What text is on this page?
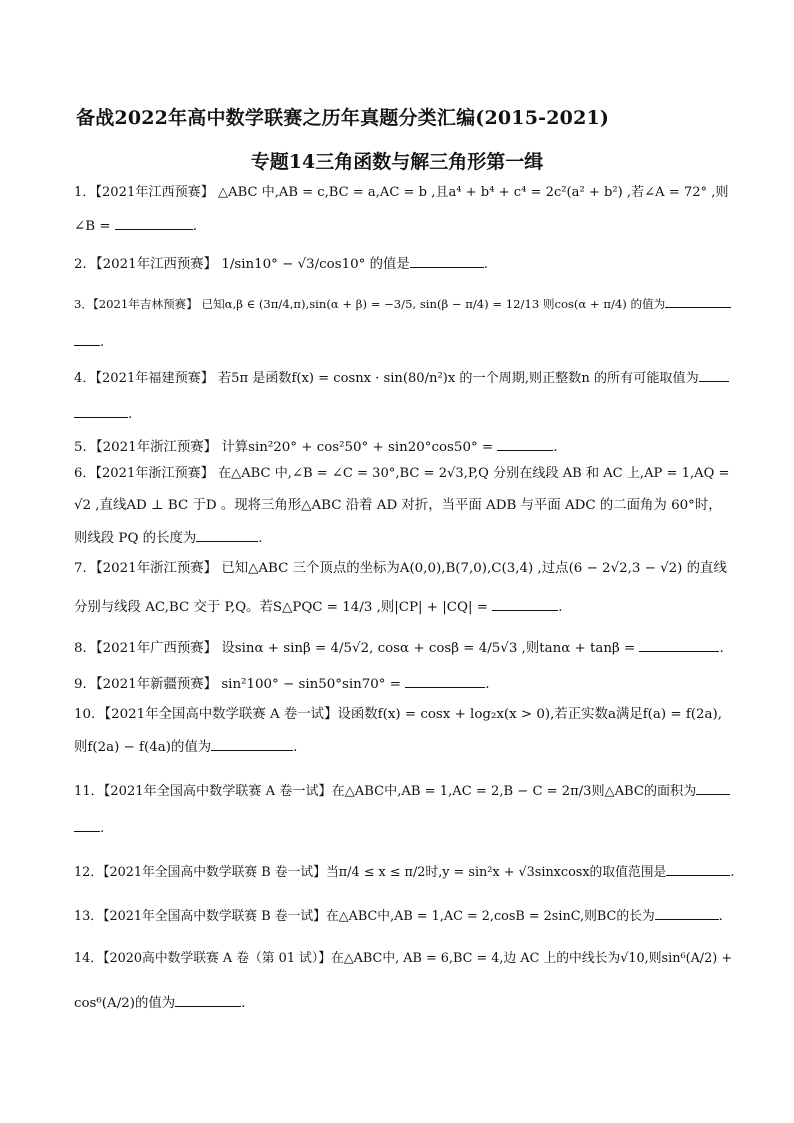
备战2022年高中数学联赛之历年真题分类汇编(2015-2021)
专题14三角函数与解三角形第一缉
1．【2021年江西预赛】 △ABC 中,AB = c,BC = a,AC = b ,且a⁴ + b⁴ + c⁴ = 2c²(a² + b²) ,若∠A = 72° ,则
∠B =	.
2．【2021年江西预赛】 1/sin10° − √3/cos10° 的值是	.
3．【2021年吉林预赛】 已知α,β ∈ (3π/4,π),sin(α + β) = −3/5, sin(β − π/4) = 12/13 则cos(α + π/4) 的值为
.
4．【2021年福建预赛】 若5π 是函数f(x) = cosnx · sin(80/n²)x 的一个周期,则正整数n 的所有可能取值为
.
5．【2021年浙江预赛】 计算sin²20° + cos²50° + sin20°cos50° =	.
6．【2021年浙江预赛】 在△ABC 中,∠B = ∠C = 30°,BC = 2√3,P,Q 分别在线段 AB 和 AC 上,AP = 1,AQ =
√2 ,直线AD ⊥ BC 于D 。现将三角形△ABC 沿着 AD 对折，当平面 ADB 与平面 ADC 的二面角为 60°时，
则线段 PQ 的长度为	.
7．【2021年浙江预赛】 已知△ABC 三个顶点的坐标为A(0,0),B(7,0),C(3,4) ,过点(6 − 2√2,3 − √2) 的直线
分别与线段 AC,BC 交于 P,Q。若S△PQC = 14/3 ,则|CP| + |CQ| =	.
8．【2021年广西预赛】 设sinα + sinβ = 4/5√2, cosα + cosβ = 4/5√3 ,则tanα + tanβ =	.
9．【2021年新疆预赛】 sin²100° − sin50°sin70° =	.
10．【2021年全国高中数学联赛 A 卷一试】设函数f(x) = cosx + log₂x(x > 0),若正实数a满足f(a) = f(2a),
则f(2a) − f(4a)的值为	.
11．【2021年全国高中数学联赛 A 卷一试】在△ABC中,AB = 1,AC = 2,B − C = 2π/3则△ABC的面积为
.
12．【2021年全国高中数学联赛 B 卷一试】当π/4 ≤ x ≤ π/2时,y = sin²x + √3sinxcosx的取值范围是	.
13．【2021年全国高中数学联赛 B 卷一试】在△ABC中,AB = 1,AC = 2,cosB = 2sinC,则BC的长为	.
14．【2020高中数学联赛 A 卷（第 01 试）】在△ABC中, AB = 6,BC = 4,边 AC 上的中线长为√10,则sin⁶(A/2) +
cos⁶(A/2)的值为	.
